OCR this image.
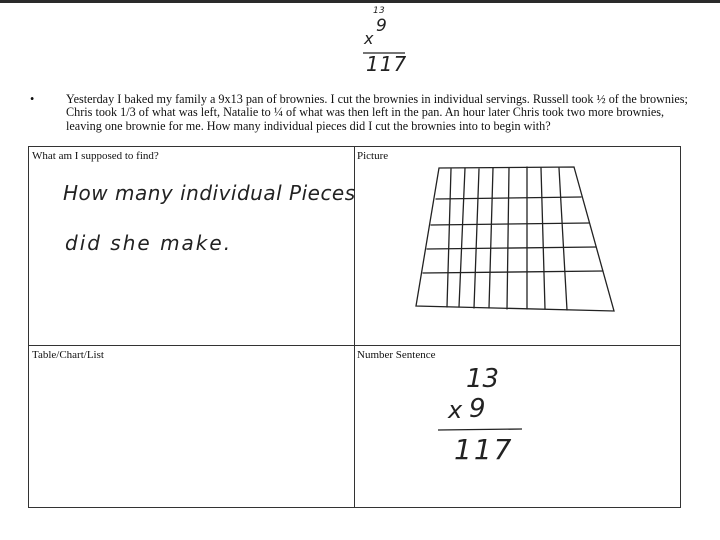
1 3
9
x
117
•	Yesterday I baked my family a 9x13 pan of brownies. I cut the brownies in individual servings. Russell took ½ of the brownies; Chris took 1/3 of what was left, Natalie to ¼ of what was then left in the pan. An hour later Chris took two more brownies, leaving one brownie for me. How many individual pieces did I cut the brownies into to begin with?
What am I supposed to find?
How many individual Pieces
did she make.
Picture
Table/Chart/List	Number Sentence
13
x 9
117
